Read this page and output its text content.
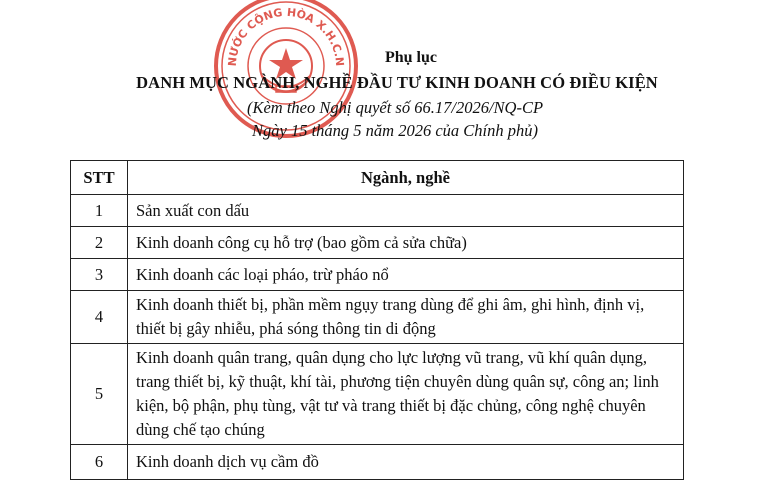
NƯỚC CỘNG HÒA X.H.C.N	Phụ lục
DANH MỤC NGÀNH, NGHỀ ĐẦU TƯ KINH DOANH CÓ ĐIỀU KIỆN
(Kèm theo Nghị quyết số 66.17/2026/NQ-CP
Ngày 15 tháng 5 năm 2026 của Chính phủ)
STT	Ngành, nghề
1	Sản xuất con dấu
2	Kinh doanh công cụ hỗ trợ (bao gồm cả sửa chữa)
3	Kinh doanh các loại pháo, trừ pháo nổ
4	Kinh doanh thiết bị, phần mềm ngụy trang dùng để ghi âm, ghi hình, định vị, thiết bị gây nhiễu, phá sóng thông tin di động
5	Kinh doanh quân trang, quân dụng cho lực lượng vũ trang, vũ khí quân dụng, trang thiết bị, kỹ thuật, khí tài, phương tiện chuyên dùng quân sự, công an; linh kiện, bộ phận, phụ tùng, vật tư và trang thiết bị đặc chủng, công nghệ chuyên dùng chế tạo chúng
6	Kinh doanh dịch vụ cầm đồ
